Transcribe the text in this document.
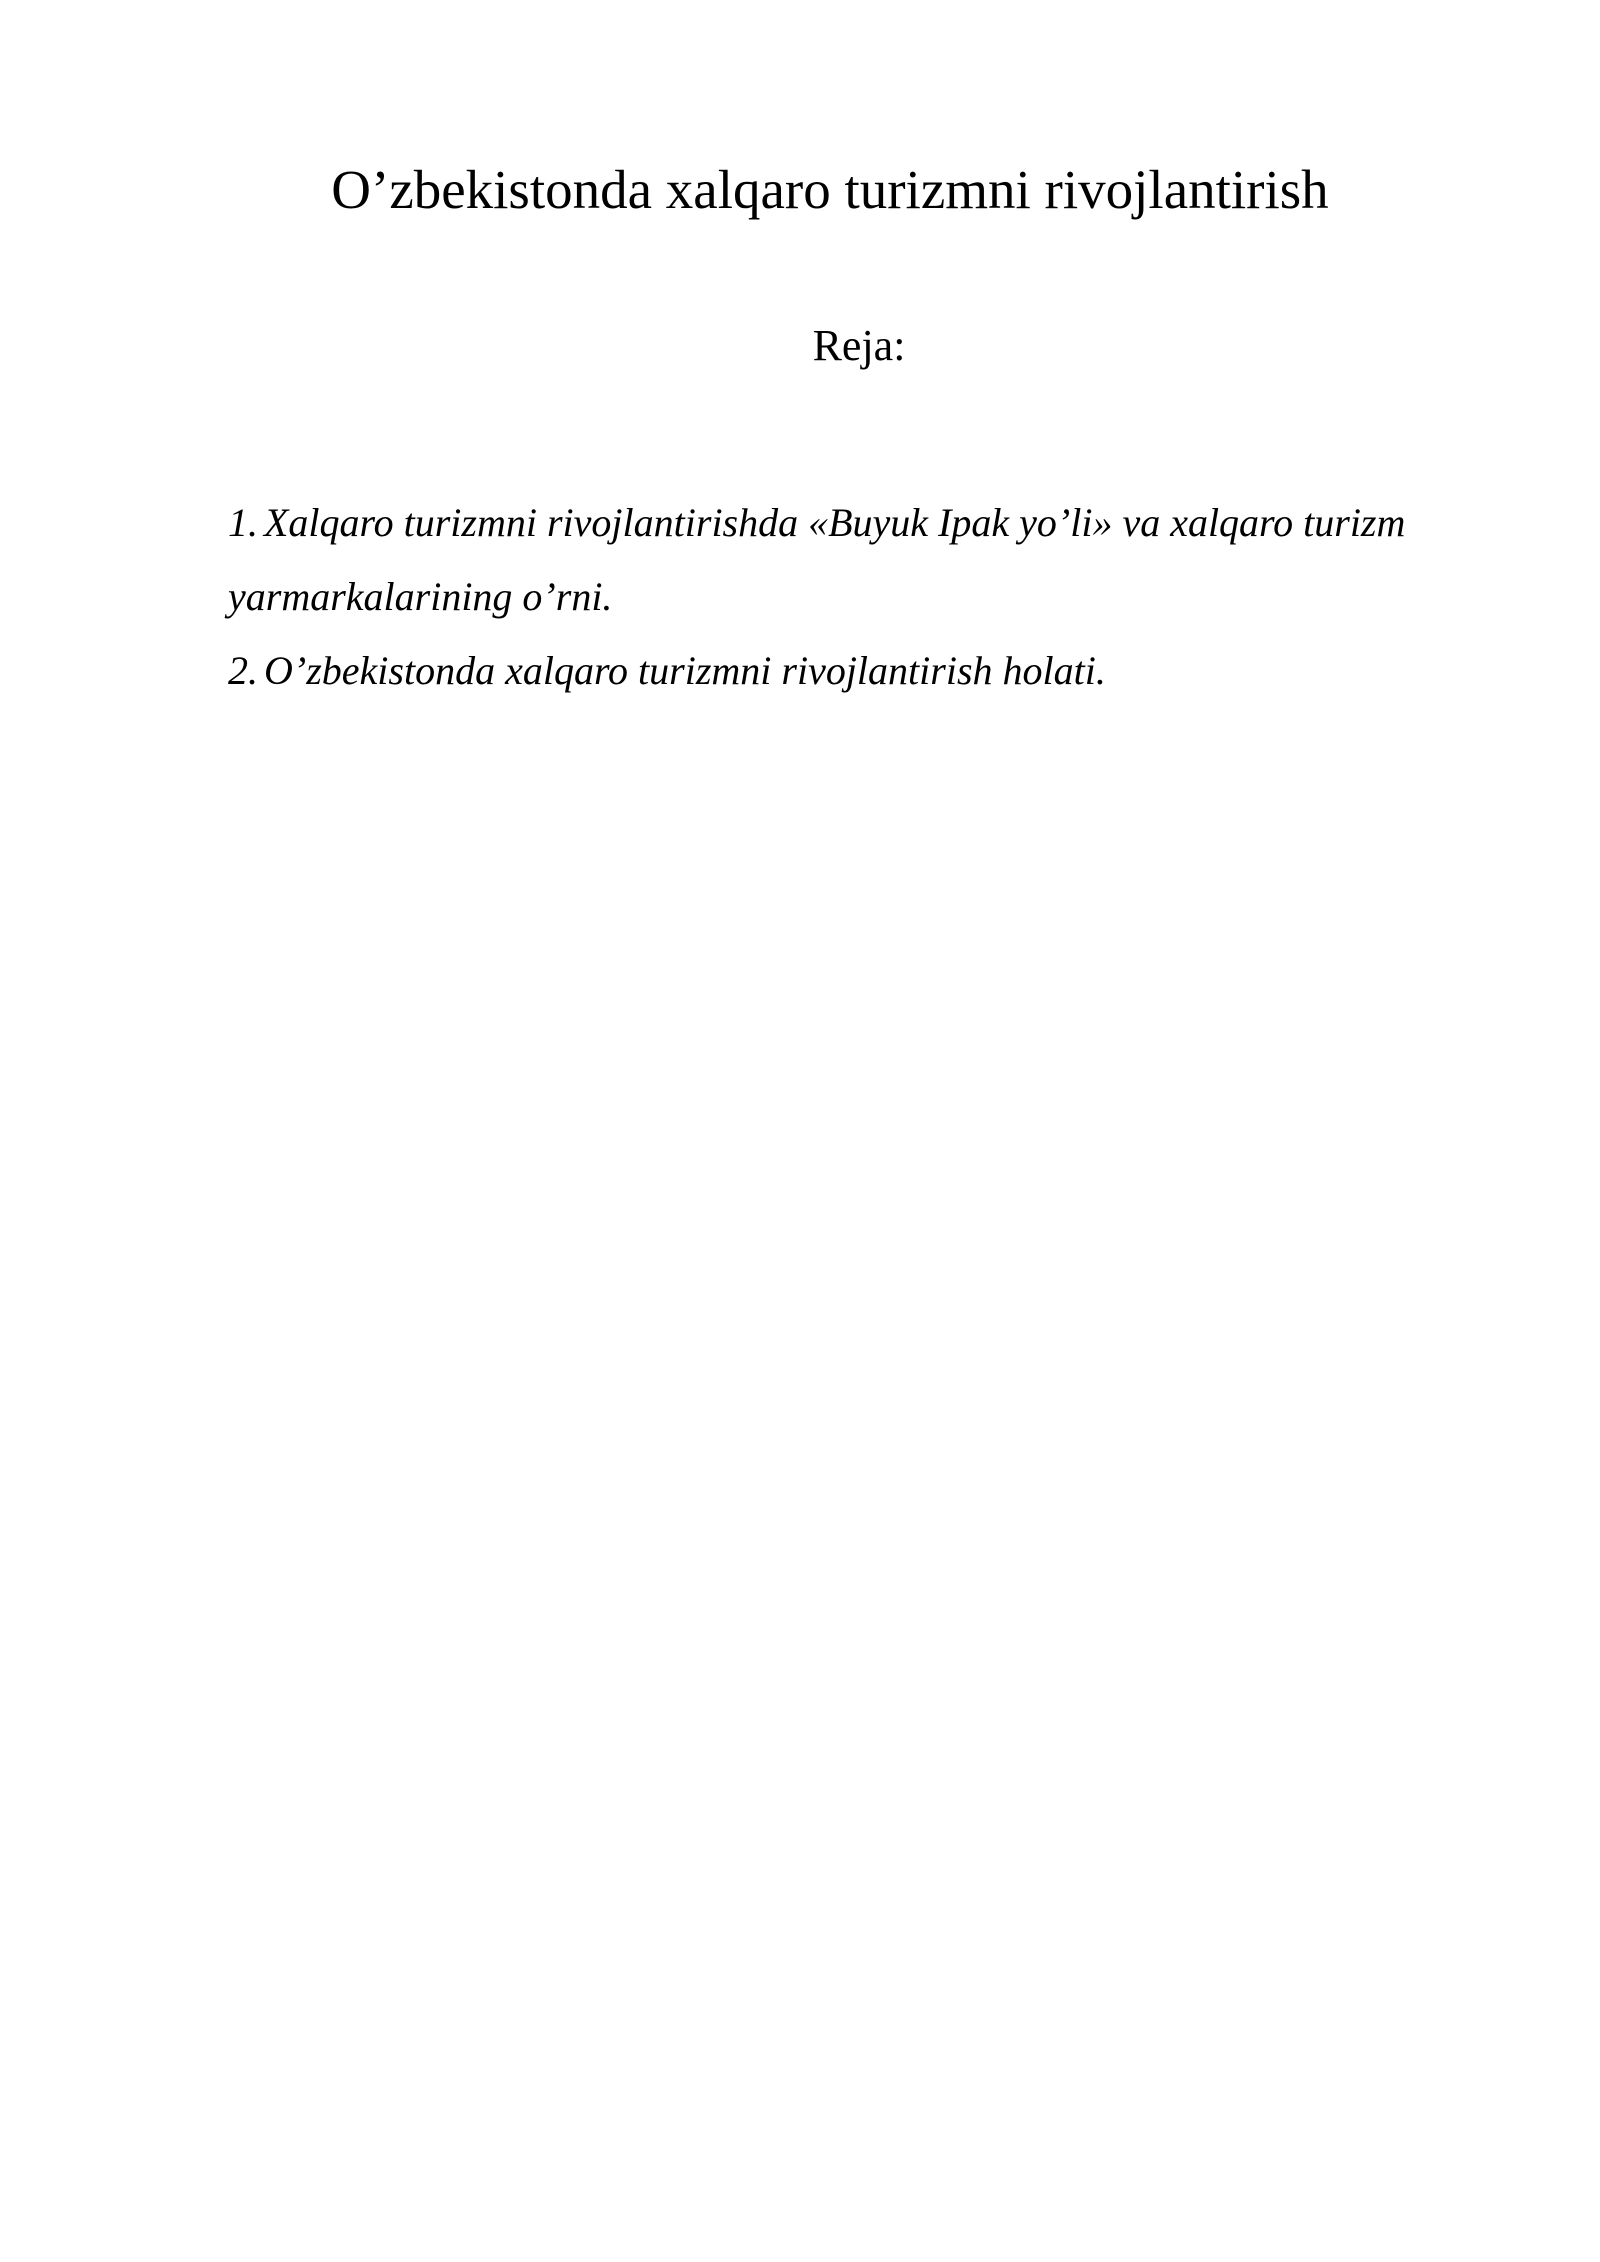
O’zbekistonda xalqaro turizmni rivojlantirish
Reja:
1. Xalqaro turizmni rivojlantirishda «Buyuk Ipak yo’li» va xalqaro turizm yarmarkalarining o’rni.
2. O’zbekistonda xalqaro turizmni rivojlantirish holati.
